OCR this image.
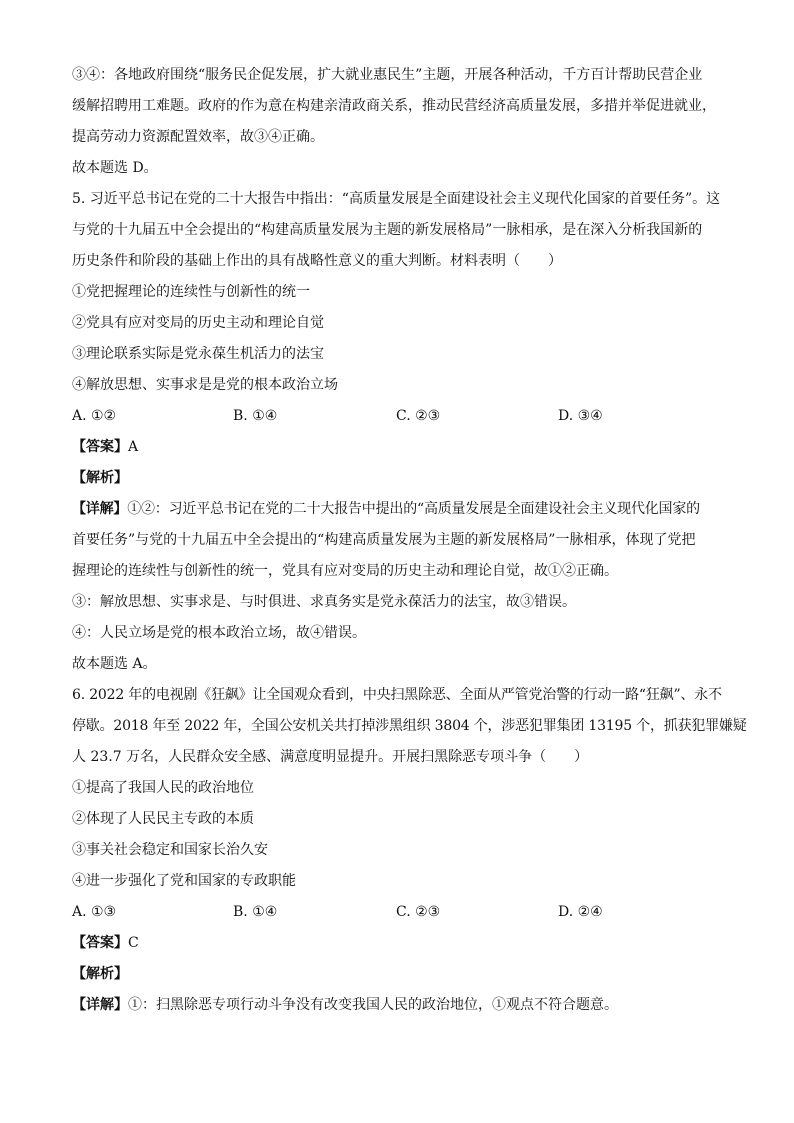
③④：各地政府围绕“服务民企促发展，扩大就业惠民生”主题，开展各种活动，千方百计帮助民营企业
缓解招聘用工难题。政府的作为意在构建亲清政商关系，推动民营经济高质量发展，多措并举促进就业，
提高劳动力资源配置效率，故③④正确。
故本题选 D。
5. 习近平总书记在党的二十大报告中指出：“高质量发展是全面建设社会主义现代化国家的首要任务”。这
与党的十九届五中全会提出的“构建高质量发展为主题的新发展格局”一脉相承，是在深入分析我国新的
历史条件和阶段的基础上作出的具有战略性意义的重大判断。材料表明（　　）
①党把握理论的连续性与创新性的统一
②党具有应对变局的历史主动和理论自觉
③理论联系实际是党永葆生机活力的法宝
④解放思想、实事求是是党的根本政治立场
A. ①②	B. ①④	C. ②③	D. ③④
【答案】A
【解析】
【详解】①②：习近平总书记在党的二十大报告中提出的“高质量发展是全面建设社会主义现代化国家的
首要任务”与党的十九届五中全会提出的“构建高质量发展为主题的新发展格局”一脉相承，体现了党把
握理论的连续性与创新性的统一，党具有应对变局的历史主动和理论自觉，故①②正确。
③：解放思想、实事求是、与时俱进、求真务实是党永葆活力的法宝，故③错误。
④：人民立场是党的根本政治立场，故④错误。
故本题选 A。
6. 2022 年的电视剧《狂飙》让全国观众看到，中央扫黑除恶、全面从严管党治警的行动一路“狂飙”、永不
停歇。2018 年至 2022 年，全国公安机关共打掉涉黑组织 3804 个，涉恶犯罪集团 13195 个，抓获犯罪嫌疑
人 23.7 万名，人民群众安全感、满意度明显提升。开展扫黑除恶专项斗争（　　）
①提高了我国人民的政治地位
②体现了人民民主专政的本质
③事关社会稳定和国家长治久安
④进一步强化了党和国家的专政职能
A. ①③	B. ①④	C. ②③	D. ②④
【答案】C
【解析】
【详解】①：扫黑除恶专项行动斗争没有改变我国人民的政治地位，①观点不符合题意。
